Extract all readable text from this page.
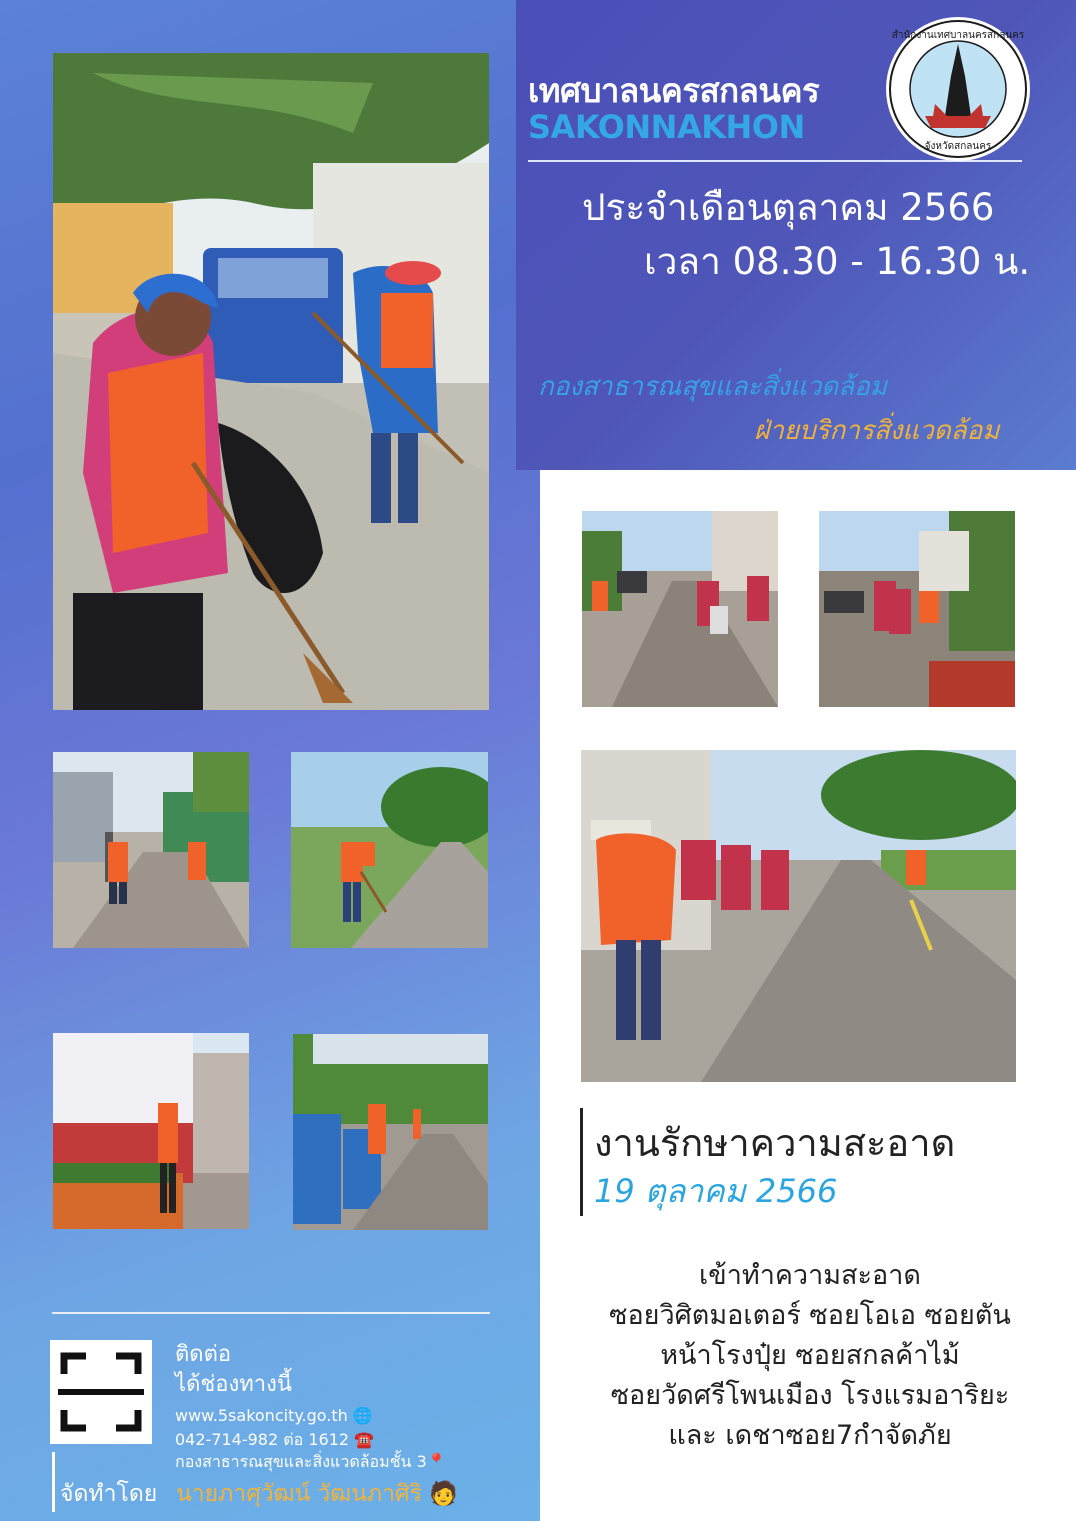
เทศบาลนครสกลนคร
SAKONNAKHON
สำนักงานเทศบาลนครสกลนคร
จังหวัดสกลนคร
ประจำเดือนตุลาคม 2566
เวลา 08.30 - 16.30 น.
กองสาธารณสุขและสิ่งแวดล้อม
ฝ่ายบริการสิ่งแวดล้อม
งานรักษาความสะอาด
19 ตุลาคม 2566
เข้าทำความสะอาด
ซอยวิศิตมอเตอร์ ซอยโอเอ ซอยตัน
หน้าโรงปุ๋ย ซอยสกลค้าไม้
ซอยวัดศรีโพนเมือง โรงแรมอาริยะ
และ เดชาซอย7กำจัดภัย
ติดต่อ
ได้ช่องทางนี้
www.5sakoncity.go.th 🌐
042-714-982 ต่อ 1612 ☎️
กองสาธารณสุขและสิ่งแวดล้อมชั้น 3📍
จัดทำโดย นายภาศุวัฒน์ วัฒนภาศิริ 🧑
